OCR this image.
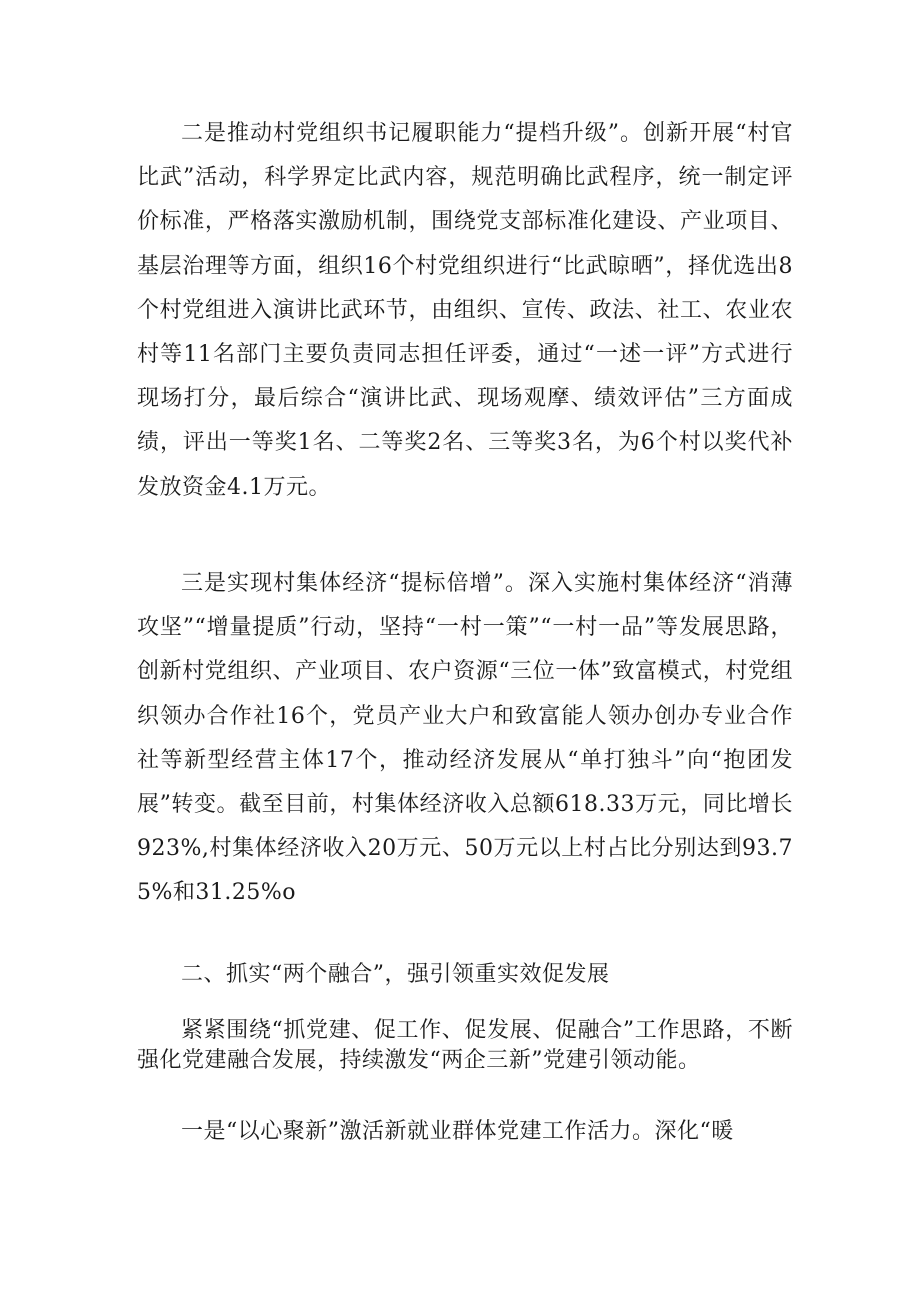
二是推动村党组织书记履职能力“提档升级”。创新开展“村官比武”活动，科学界定比武内容，规范明确比武程序，统一制定评价标准，严格落实激励机制，围绕党支部标准化建设、产业项目、基层治理等方面，组织16个村党组织进行“比武晾晒”，择优选出8个村党组进入演讲比武环节，由组织、宣传、政法、社工、农业农村等11名部门主要负责同志担任评委，通过“一述一评”方式进行现场打分，最后综合“演讲比武、现场观摩、绩效评估”三方面成绩，评出一等奖1名、二等奖2名、三等奖3名，为6个村以奖代补发放资金4.1万元。

三是实现村集体经济“提标倍增”。深入实施村集体经济“消薄攻坚”“增量提质”行动，坚持“一村一策”“一村一品”等发展思路，创新村党组织、产业项目、农户资源“三位一体”致富模式，村党组织领办合作社16个，党员产业大户和致富能人领办创办专业合作社等新型经营主体17个，推动经济发展从“单打独斗”向“抱团发展”转变。截至目前，村集体经济收入总额618.33万元，同比增长923%,村集体经济收入20万元、50万元以上村占比分别达到93.75%和31.25%o

二、抓实“两个融合”，强引领重实效促发展

紧紧围绕“抓党建、促工作、促发展、促融合”工作思路，不断强化党建融合发展，持续激发“两企三新”党建引领动能。

一是“以心聚新”激活新就业群体党建工作活力。深化“暖
